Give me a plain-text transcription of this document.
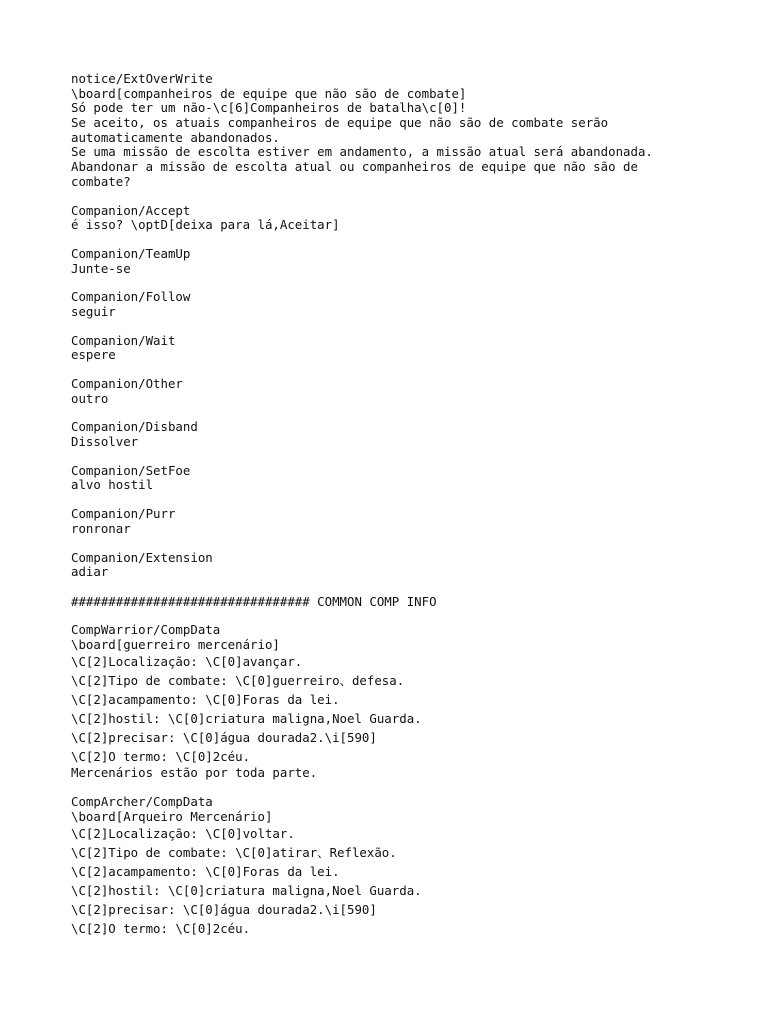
notice/ExtOverWrite
\board[companheiros de equipe que não são de combate]
Só pode ter um não-\c[6]Companheiros de batalha\c[0]!
Se aceito, os atuais companheiros de equipe que não são de combate serão
automaticamente abandonados.
Se uma missão de escolta estiver em andamento, a missão atual será abandonada.
Abandonar a missão de escolta atual ou companheiros de equipe que não são de
combate?
Companion/Accept
é isso? \optD[deixa para lá,Aceitar]
Companion/TeamUp
Junte-se
Companion/Follow
seguir
Companion/Wait
espere
Companion/Other
outro
Companion/Disband
Dissolver
Companion/SetFoe
alvo hostil
Companion/Purr
ronronar
Companion/Extension
adiar
################################ COMMON COMP INFO
CompWarrior/CompData
\board[guerreiro mercenário]
\C[2]Localização: \C[0]avançar.
\C[2]Tipo de combate: \C[0]guerreiro、defesa.
\C[2]acampamento: \C[0]Foras da lei.
\C[2]hostil: \C[0]criatura maligna,Noel Guarda.
\C[2]precisar: \C[0]água dourada2.\i[590]
\C[2]O termo: \C[0]2céu.
Mercenários estão por toda parte.
CompArcher/CompData
\board[Arqueiro Mercenário]
\C[2]Localização: \C[0]voltar.
\C[2]Tipo de combate: \C[0]atirar、Reflexão.
\C[2]acampamento: \C[0]Foras da lei.
\C[2]hostil: \C[0]criatura maligna,Noel Guarda.
\C[2]precisar: \C[0]água dourada2.\i[590]
\C[2]O termo: \C[0]2céu.
